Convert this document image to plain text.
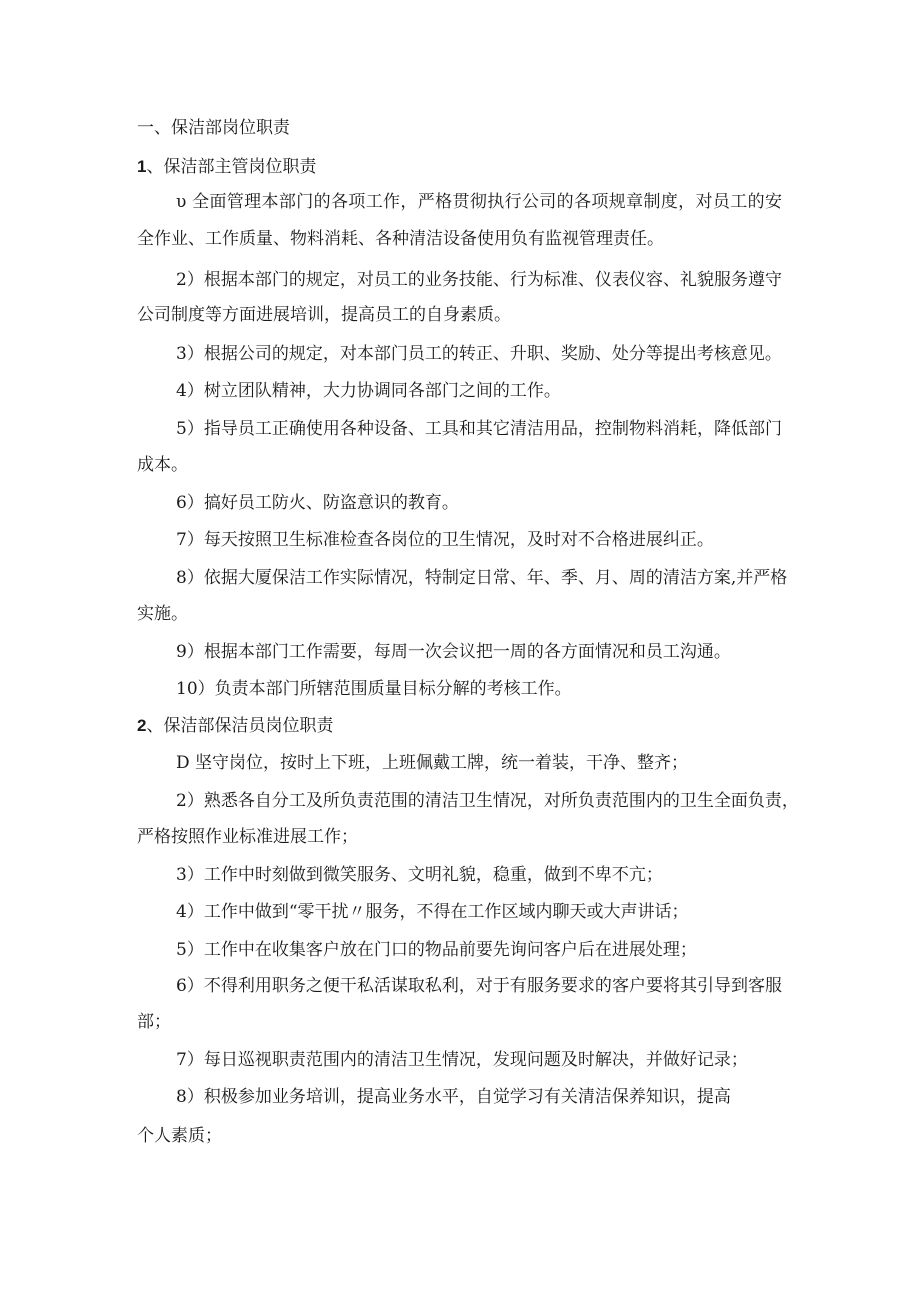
一、保洁部岗位职责

1、保洁部主管岗位职责

υ 全面管理本部门的各项工作，严格贯彻执行公司的各项规章制度，对员工的安

全作业、工作质量、物料消耗、各种清洁设备使用负有监视管理责任。

2）根据本部门的规定，对员工的业务技能、行为标准、仪表仪容、礼貌服务遵守

公司制度等方面进展培训，提高员工的自身素质。

3）根据公司的规定，对本部门员工的转正、升职、奖励、处分等提出考核意见。

4）树立团队精神，大力协调同各部门之间的工作。

5）指导员工正确使用各种设备、工具和其它清洁用品，控制物料消耗，降低部门

成本。

6）搞好员工防火、防盗意识的教育。

7）每天按照卫生标准检查各岗位的卫生情况，及时对不合格进展纠正。

8）依据大厦保洁工作实际情况，特制定日常、年、季、月、周的清洁方案,并严格

实施。

9）根据本部门工作需要，每周一次会议把一周的各方面情况和员工沟通。

10）负责本部门所辖范围质量目标分解的考核工作。

2、保洁部保洁员岗位职责

D 坚守岗位，按时上下班，上班佩戴工牌，统一着装，干净、整齐；

2）熟悉各自分工及所负责范围的清洁卫生情况，对所负责范围内的卫生全面负责，

严格按照作业标准进展工作；

3）工作中时刻做到微笑服务、文明礼貌，稳重，做到不卑不亢；

4）工作中做到“零干扰〃服务，不得在工作区域内聊天或大声讲话；

5）工作中在收集客户放在门口的物品前要先询问客户后在进展处理；

6）不得利用职务之便干私活谋取私利，对于有服务要求的客户要将其引导到客服

部；

7）每日巡视职责范围内的清洁卫生情况，发现问题及时解决，并做好记录；

8）积极参加业务培训，提高业务水平，自觉学习有关清洁保养知识，提高

个人素质；
